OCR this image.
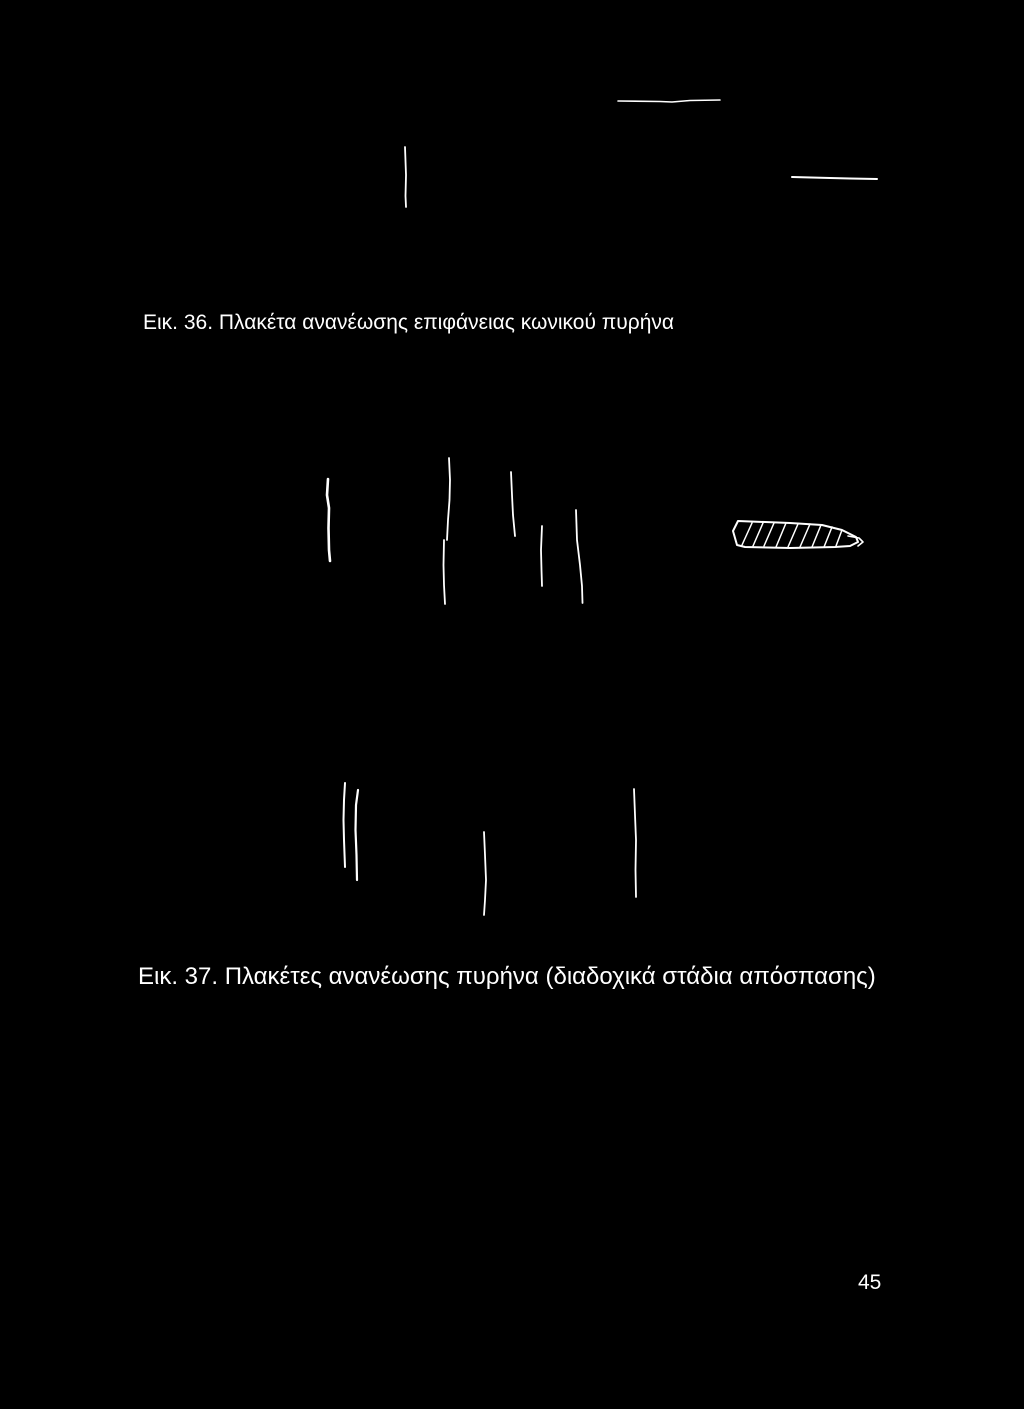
Εικ. 36. Πλακέτα ανανέωσης επιφάνειας κωνικού πυρήνα

Εικ. 37. Πλακέτες ανανέωσης πυρήνα (διαδοχικά στάδια απόσπασης)

45
